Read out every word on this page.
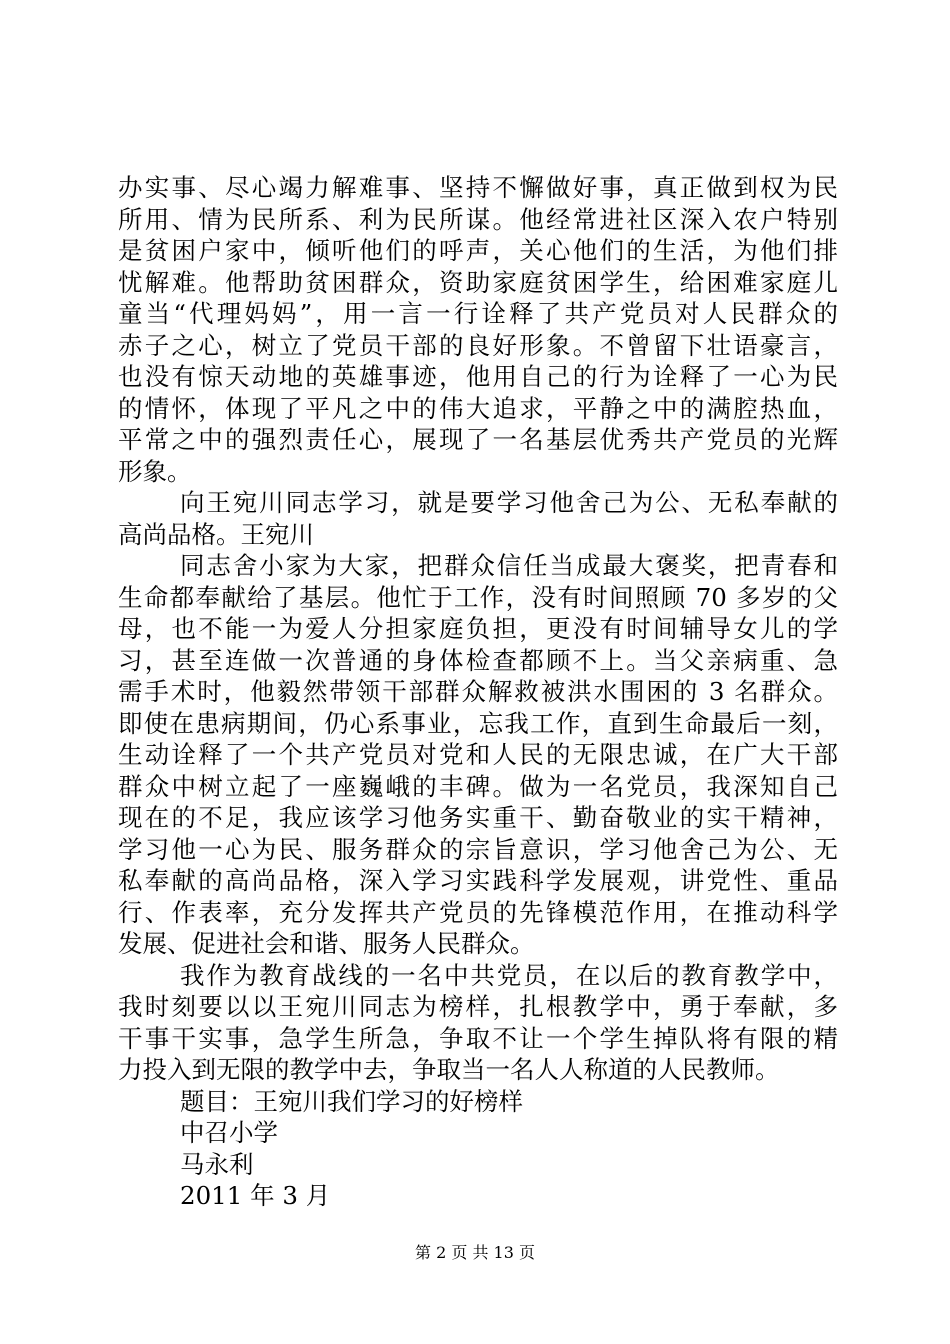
办实事、尽心竭力解难事、坚持不懈做好事，真正做到权为民
所用、情为民所系、利为民所谋。他经常进社区深入农户特别
是贫困户家中，倾听他们的呼声，关心他们的生活，为他们排
忧解难。他帮助贫困群众，资助家庭贫困学生，给困难家庭儿
童当“代理妈妈”，用一言一行诠释了共产党员对人民群众的
赤子之心，树立了党员干部的良好形象。不曾留下壮语豪言，
也没有惊天动地的英雄事迹，他用自己的行为诠释了一心为民
的情怀，体现了平凡之中的伟大追求，平静之中的满腔热血，
平常之中的强烈责任心，展现了一名基层优秀共产党员的光辉
形象。
向王宛川同志学习，就是要学习他舍己为公、无私奉献的
高尚品格。王宛川
同志舍小家为大家，把群众信任当成最大褒奖，把青春和
生命都奉献给了基层。他忙于工作，没有时间照顾 70 多岁的父
母，也不能一为爱人分担家庭负担，更没有时间辅导女儿的学
习，甚至连做一次普通的身体检查都顾不上。当父亲病重、急
需手术时，他毅然带领干部群众解救被洪水围困的 3 名群众。
即使在患病期间，仍心系事业，忘我工作，直到生命最后一刻，
生动诠释了一个共产党员对党和人民的无限忠诚，在广大干部
群众中树立起了一座巍峨的丰碑。做为一名党员，我深知自己
现在的不足，我应该学习他务实重干、勤奋敬业的实干精神，
学习他一心为民、服务群众的宗旨意识，学习他舍己为公、无
私奉献的高尚品格，深入学习实践科学发展观，讲党性、重品
行、作表率，充分发挥共产党员的先锋模范作用，在推动科学
发展、促进社会和谐、服务人民群众。
我作为教育战线的一名中共党员，在以后的教育教学中，
我时刻要以以王宛川同志为榜样，扎根教学中，勇于奉献，多
干事干实事，急学生所急，争取不让一个学生掉队将有限的精
力投入到无限的教学中去，争取当一名人人称道的人民教师。
题目：王宛川我们学习的好榜样
中召小学
马永利
2011 年 3 月
第 2 页 共 13 页
